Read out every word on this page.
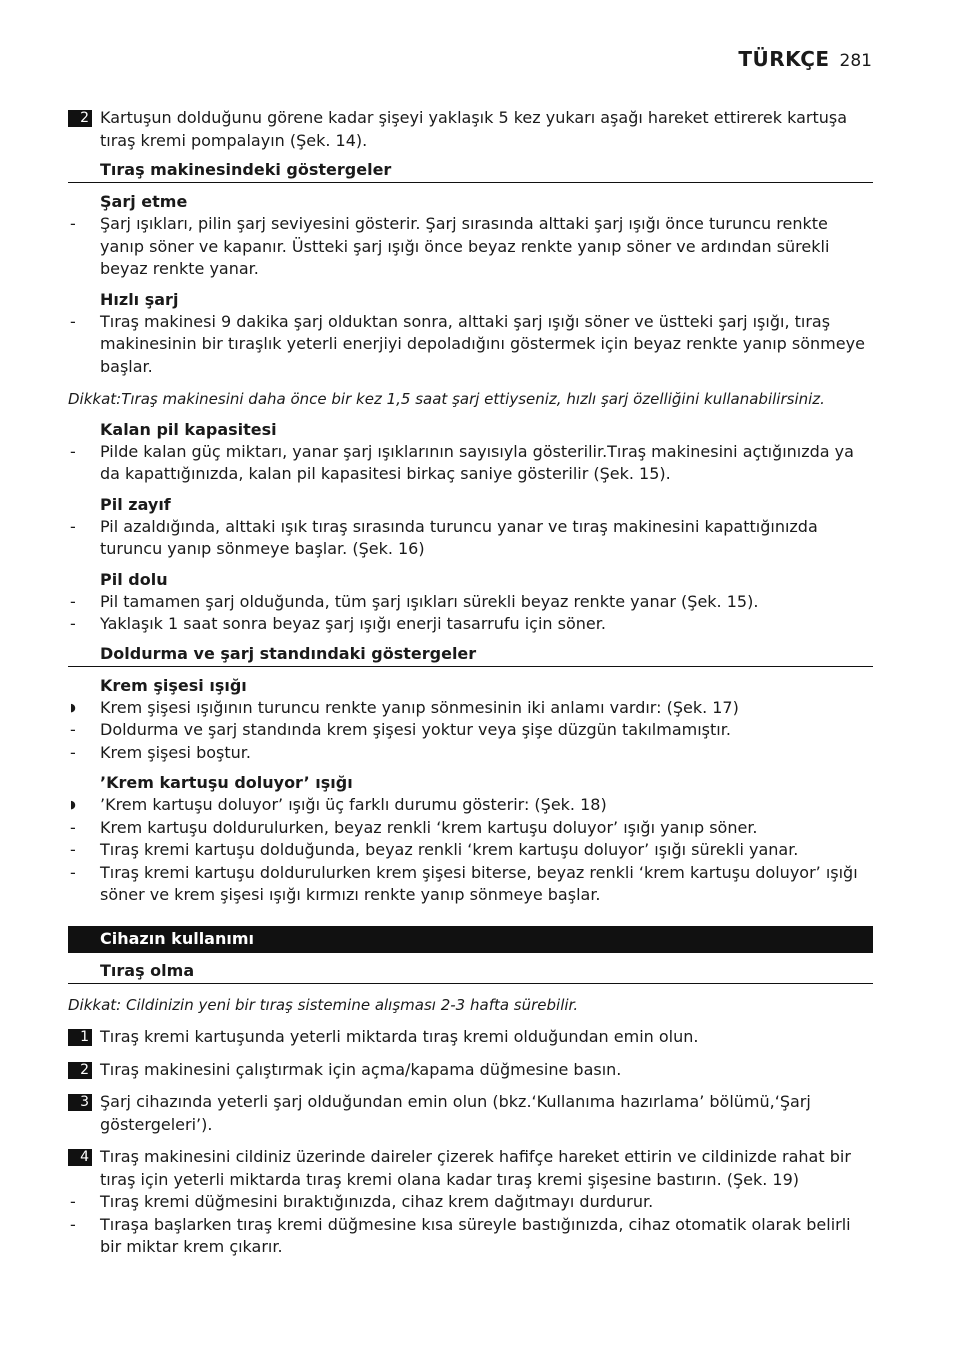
TÜRKÇE 281
2 Kartuşun dolduğunu görene kadar şişeyi yaklaşık 5 kez yukarı aşağı hareket ettirerek kartuşa tıraş kremi pompalayın (Şek. 14).
Tıraş makinesindeki göstergeler
Şarj etme
-	Şarj ışıkları, pilin şarj seviyesini gösterir. Şarj sırasında alttaki şarj ışığı önce turuncu renkte yanıp söner ve kapanır. Üstteki şarj ışığı önce beyaz renkte yanıp söner ve ardından sürekli beyaz renkte yanar.
Hızlı şarj
-	Tıraş makinesi 9 dakika şarj olduktan sonra, alttaki şarj ışığı söner ve üstteki şarj ışığı, tıraş makinesinin bir tıraşlık yeterli enerjiyi depoladığını göstermek için beyaz renkte yanıp sönmeye başlar.
Dikkat:Tıraş makinesini daha önce bir kez 1,5 saat şarj ettiyseniz, hızlı şarj özelliğini kullanabilirsiniz.
Kalan pil kapasitesi
-	Pilde kalan güç miktarı, yanar şarj ışıklarının sayısıyla gösterilir.Tıraş makinesini açtığınızda ya da kapattığınızda, kalan pil kapasitesi birkaç saniye gösterilir (Şek. 15).
Pil zayıf
-	Pil azaldığında, alttaki ışık tıraş sırasında turuncu yanar ve tıraş makinesini kapattığınızda turuncu yanıp sönmeye başlar. (Şek. 16)
Pil dolu
-	Pil tamamen şarj olduğunda, tüm şarj ışıkları sürekli beyaz renkte yanar (Şek. 15).
-	Yaklaşık 1 saat sonra beyaz şarj ışığı enerji tasarrufu için söner.
Doldurma ve şarj standındaki göstergeler
Krem şişesi ışığı
◗	Krem şişesi ışığının turuncu renkte yanıp sönmesinin iki anlamı vardır: (Şek. 17)
-	Doldurma ve şarj standında krem şişesi yoktur veya şişe düzgün takılmamıştır.
-	Krem şişesi boştur.
’Krem kartuşu doluyor’ ışığı
◗	’Krem kartuşu doluyor’ ışığı üç farklı durumu gösterir: (Şek. 18)
-	Krem kartuşu doldurulurken, beyaz renkli ‘krem kartuşu doluyor’ ışığı yanıp söner.
-	Tıraş kremi kartuşu dolduğunda, beyaz renkli ‘krem kartuşu doluyor’ ışığı sürekli yanar.
-	Tıraş kremi kartuşu doldurulurken krem şişesi biterse, beyaz renkli ‘krem kartuşu doluyor’ ışığı söner ve krem şişesi ışığı kırmızı renkte yanıp sönmeye başlar.
Cihazın kullanımı
Tıraş olma
Dikkat: Cildinizin yeni bir tıraş sistemine alışması 2-3 hafta sürebilir.
1 Tıraş kremi kartuşunda yeterli miktarda tıraş kremi olduğundan emin olun.
2 Tıraş makinesini çalıştırmak için açma/kapama düğmesine basın.
3 Şarj cihazında yeterli şarj olduğundan emin olun (bkz.‘Kullanıma hazırlama’ bölümü,‘Şarj göstergeleri’).
4 Tıraş makinesini cildiniz üzerinde daireler çizerek hafifçe hareket ettirin ve cildinizde rahat bir tıraş için yeterli miktarda tıraş kremi olana kadar tıraş kremi şişesine bastırın. (Şek. 19)
-	Tıraş kremi düğmesini bıraktığınızda, cihaz krem dağıtmayı durdurur.
-	Tıraşa başlarken tıraş kremi düğmesine kısa süreyle bastığınızda, cihaz otomatik olarak belirli bir miktar krem çıkarır.
